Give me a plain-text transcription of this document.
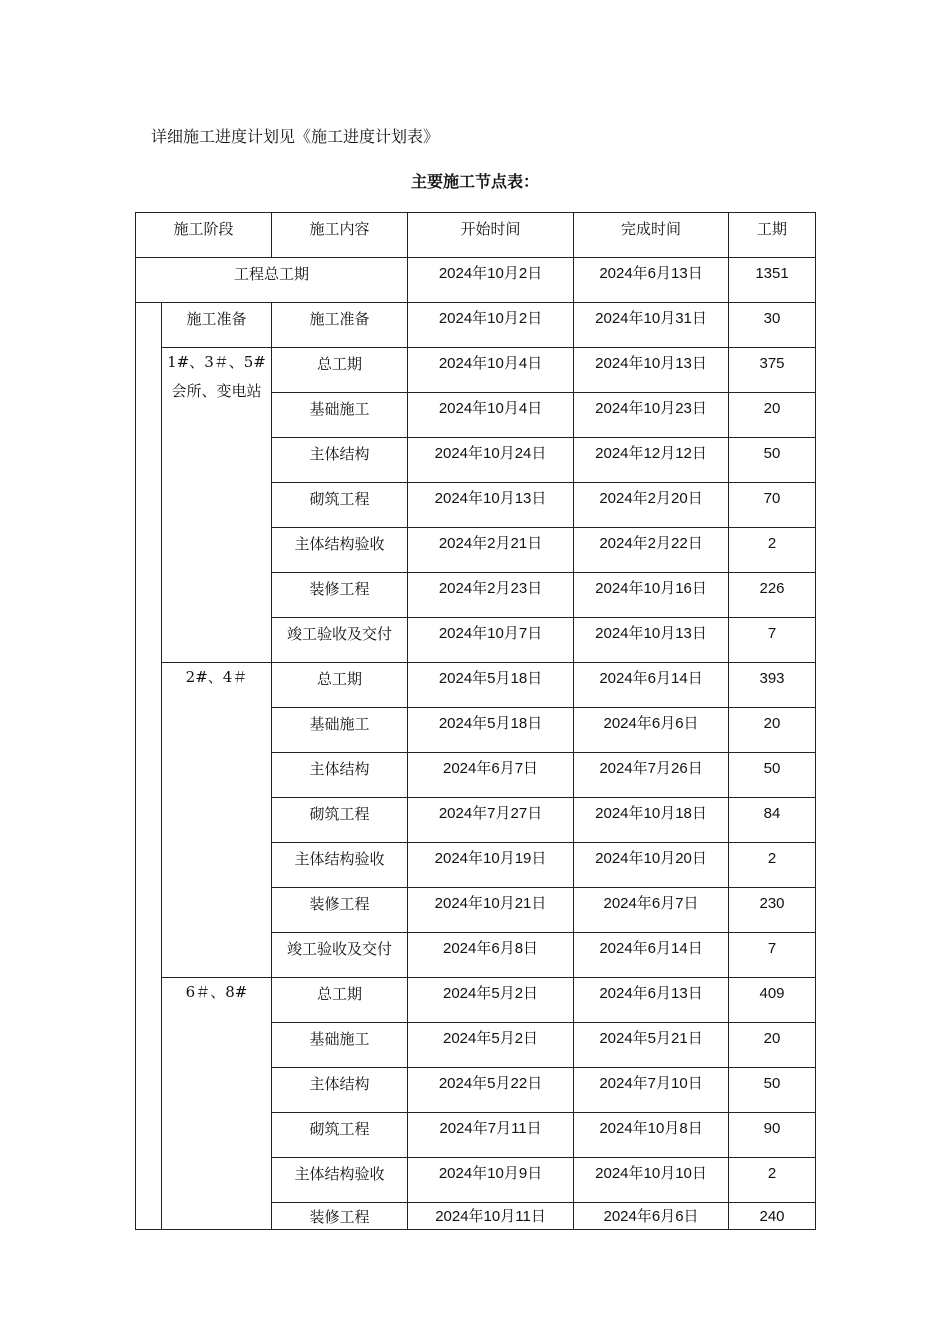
详细施工进度计划见《施工进度计划表》
主要施工节点表：
施工阶段		施工内容	开始时间	完成时间	工期

工程总工期			2024年10月2日	2024年6月13日	1351

	施工准备	施工准备	2024年10月2日	2024年10月31日	30

	1#、3＃、5#会所、变电站	总工期	2024年10月4日	2024年10月13日	375

		基础施工	2024年10月4日	2024年10月23日	20

		主体结构	2024年10月24日	2024年12月12日	50

		砌筑工程	2024年10月13日	2024年2月20日	70

		主体结构验收	2024年2月21日	2024年2月22日	2

		装修工程	2024年2月23日	2024年10月16日	226

		竣工验收及交付	2024年10月7日	2024年10月13日	7

	2#、4＃	总工期	2024年5月18日	2024年6月14日	393

		基础施工	2024年5月18日	2024年6月6日	20

		主体结构	2024年6月7日	2024年7月26日	50

		砌筑工程	2024年7月27日	2024年10月18日	84

		主体结构验收	2024年10月19日	2024年10月20日	2

		装修工程	2024年10月21日	2024年6月7日	230

		竣工验收及交付	2024年6月8日	2024年6月14日	7

	6＃、8#	总工期	2024年5月2日	2024年6月13日	409

		基础施工	2024年5月2日	2024年5月21日	20

		主体结构	2024年5月22日	2024年7月10日	50

		砌筑工程	2024年7月11日	2024年10月8日	90

		主体结构验收	2024年10月9日	2024年10月10日	2

		装修工程	2024年10月11日	2024年6月6日	240
